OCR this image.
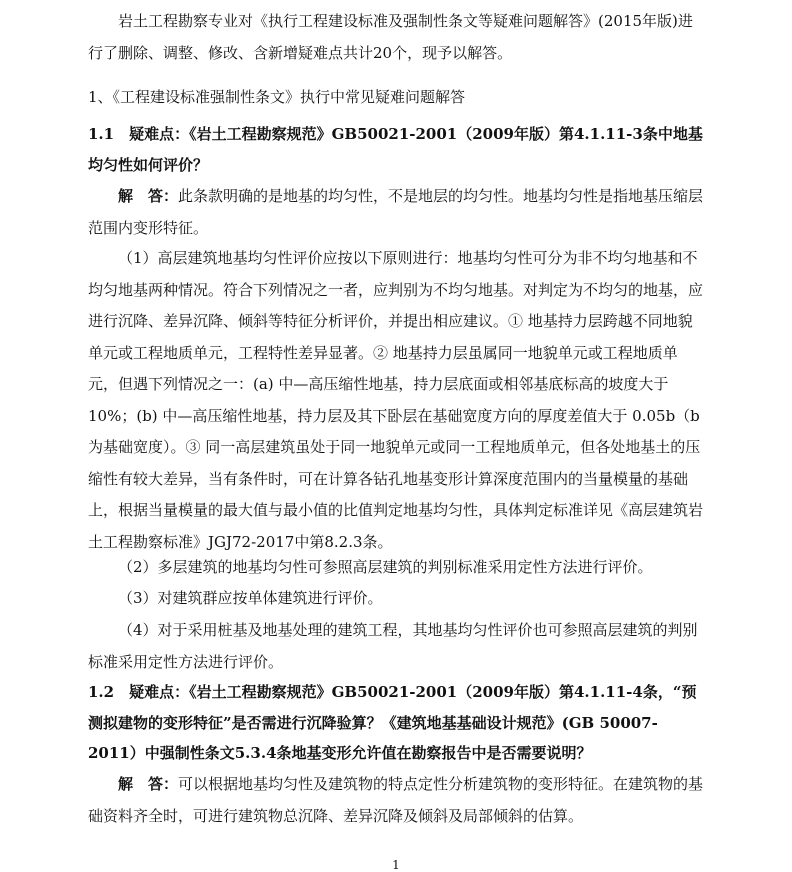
岩土工程勘察专业对《执行工程建设标准及强制性条文等疑难问题解答》(2015年版)进行了删除、调整、修改、含新增疑难点共计20个，现予以解答。

1、《工程建设标准强制性条文》执行中常见疑难问题解答

1.1　疑难点：《岩土工程勘察规范》GB50021-2001（2009年版）第4.1.11-3条中地基均匀性如何评价？

解　答：此条款明确的是地基的均匀性，不是地层的均匀性。地基均匀性是指地基压缩层范围内变形特征。

（1）高层建筑地基均匀性评价应按以下原则进行：地基均匀性可分为非不均匀地基和不均匀地基两种情况。符合下列情况之一者，应判别为不均匀地基。对判定为不均匀的地基，应进行沉降、差异沉降、倾斜等特征分析评价，并提出相应建议。① 地基持力层跨越不同地貌单元或工程地质单元，工程特性差异显著。② 地基持力层虽属同一地貌单元或工程地质单元，但遇下列情况之一：(a) 中—高压缩性地基，持力层底面或相邻基底标高的坡度大于 10%；(b) 中—高压缩性地基，持力层及其下卧层在基础宽度方向的厚度差值大于 0.05b（b为基础宽度）。③ 同一高层建筑虽处于同一地貌单元或同一工程地质单元，但各处地基土的压缩性有较大差异，当有条件时，可在计算各钻孔地基变形计算深度范围内的当量模量的基础上，根据当量模量的最大值与最小值的比值判定地基均匀性，具体判定标准详见《高层建筑岩土工程勘察标准》JGJ72-2017中第8.2.3条。

（2）多层建筑的地基均匀性可参照高层建筑的判别标准采用定性方法进行评价。

（3）对建筑群应按单体建筑进行评价。

（4）对于采用桩基及地基处理的建筑工程，其地基均匀性评价也可参照高层建筑的判别标准采用定性方法进行评价。

1.2　疑难点：《岩土工程勘察规范》GB50021-2001（2009年版）第4.1.11-4条，“预测拟建物的变形特征”是否需进行沉降验算？《建筑地基基础设计规范》(GB 50007-2011）中强制性条文5.3.4条地基变形允许值在勘察报告中是否需要说明？

解　答：可以根据地基均匀性及建筑物的特点定性分析建筑物的变形特征。在建筑物的基础资料齐全时，可进行建筑物总沉降、差异沉降及倾斜及局部倾斜的估算。

1
